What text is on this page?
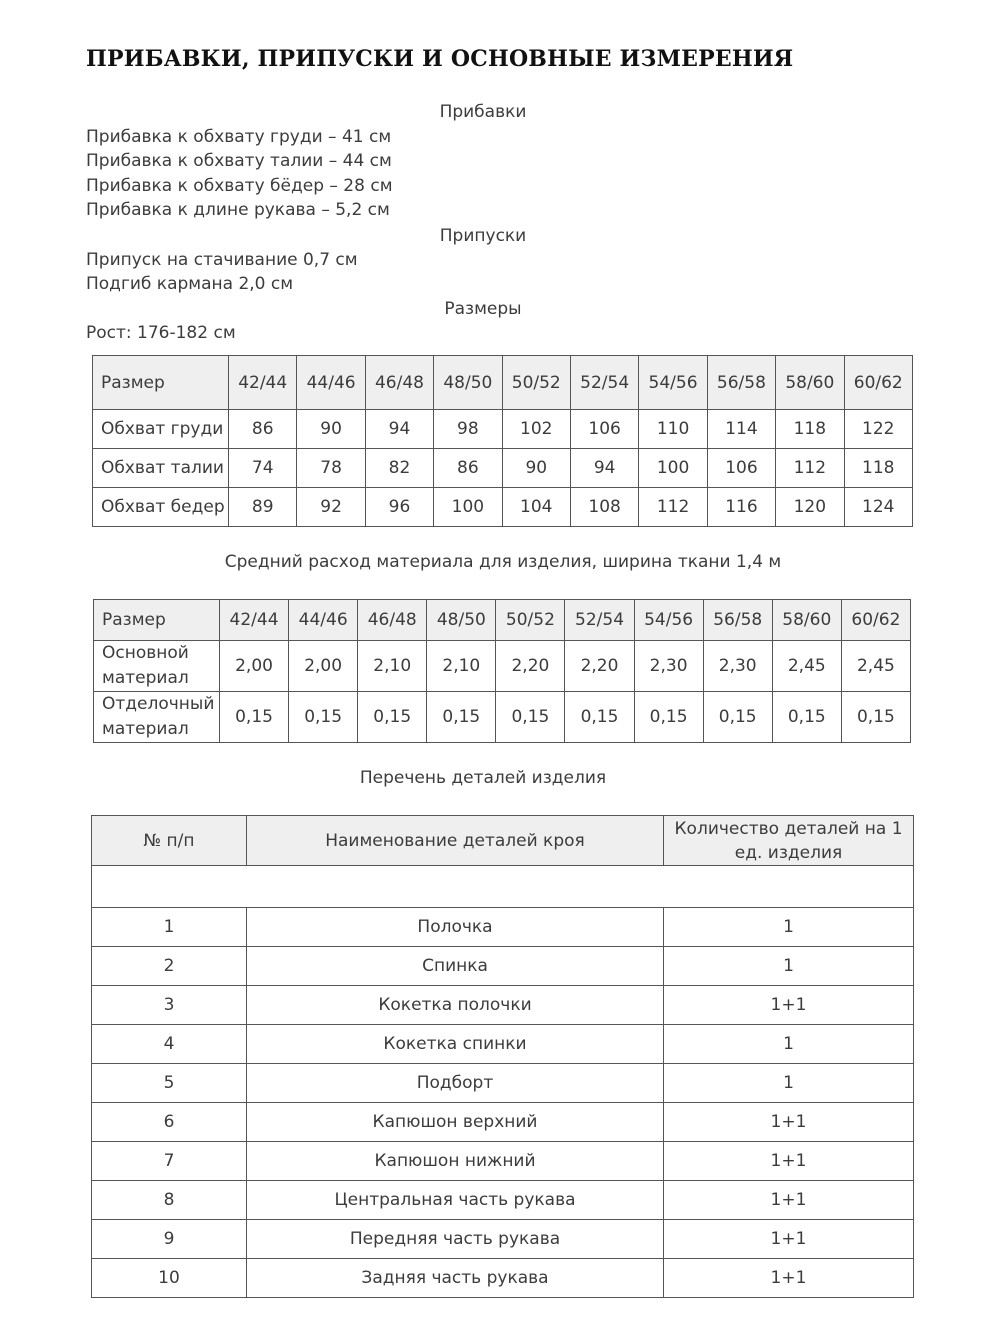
ПРИБАВКИ, ПРИПУСКИ И ОСНОВНЫЕ ИЗМЕРЕНИЯ
Прибавки
Прибавка к обхвату груди – 41 см
Прибавка к обхвату талии – 44 см
Прибавка к обхвату бёдер – 28 см
Прибавка к длине рукава – 5,2 см
Припуски
Припуск на стачивание 0,7 см
Подгиб кармана 2,0 см
Размеры
Рост: 176-182 см
Размер	42/44	44/46	46/48	48/50	50/52	52/54	54/56	56/58	58/60	60/62
Обхват груди	86	90	94	98	102	106	110	114	118	122
Обхват талии	74	78	82	86	90	94	100	106	112	118
Обхват бедер	89	92	96	100	104	108	112	116	120	124
Средний расход материала для изделия, ширина ткани 1,4 м
Размер	42/44	44/46	46/48	48/50	50/52	52/54	54/56	56/58	58/60	60/62
Основной материал	2,00	2,00	2,10	2,10	2,20	2,20	2,30	2,30	2,45	2,45
Отделочный материал	0,15	0,15	0,15	0,15	0,15	0,15	0,15	0,15	0,15	0,15
Перечень деталей изделия
№ п/п	Наименование деталей кроя	Количество деталей на 1 ед. изделия

1	Полочка	1
2	Спинка	1
3	Кокетка полочки	1+1
4	Кокетка спинки	1
5	Подборт	1
6	Капюшон верхний	1+1
7	Капюшон нижний	1+1
8	Центральная часть рукава	1+1
9	Передняя часть рукава	1+1
10	Задняя часть рукава	1+1
